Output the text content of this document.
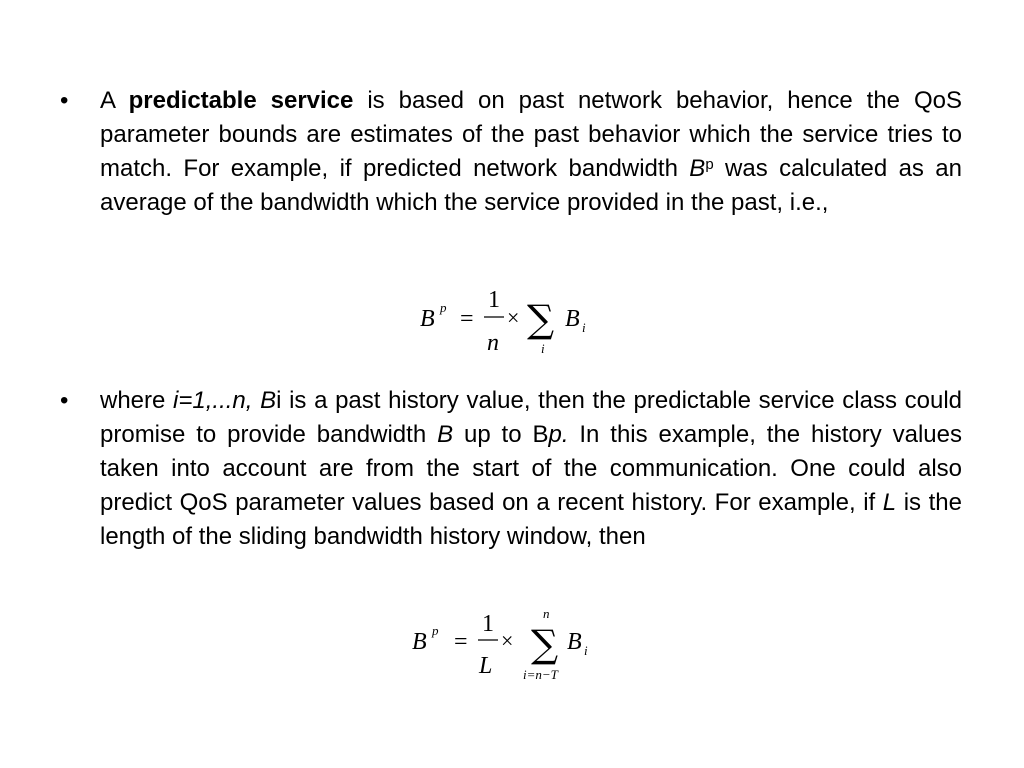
• A predictable service is based on past network behavior, hence the QoS parameter bounds are estimates of the past behavior which the service tries to match. For example, if predicted network bandwidth $B^p$ was calculated as an average of the bandwidth which the service provided in the past, i.e.,
B p =
1
n
× ∑
i
B i
• where i=1,...n, Bi is a past history value, then the predictable service class could promise to provide bandwidth B up to Bp. In this example, the history values taken into account are from the start of the communication. One could also predict QoS parameter values based on a recent history. For example, if L is the length of the sliding bandwidth history window, then
B p =
1
L
×
n
∑
i=n−T
B i
